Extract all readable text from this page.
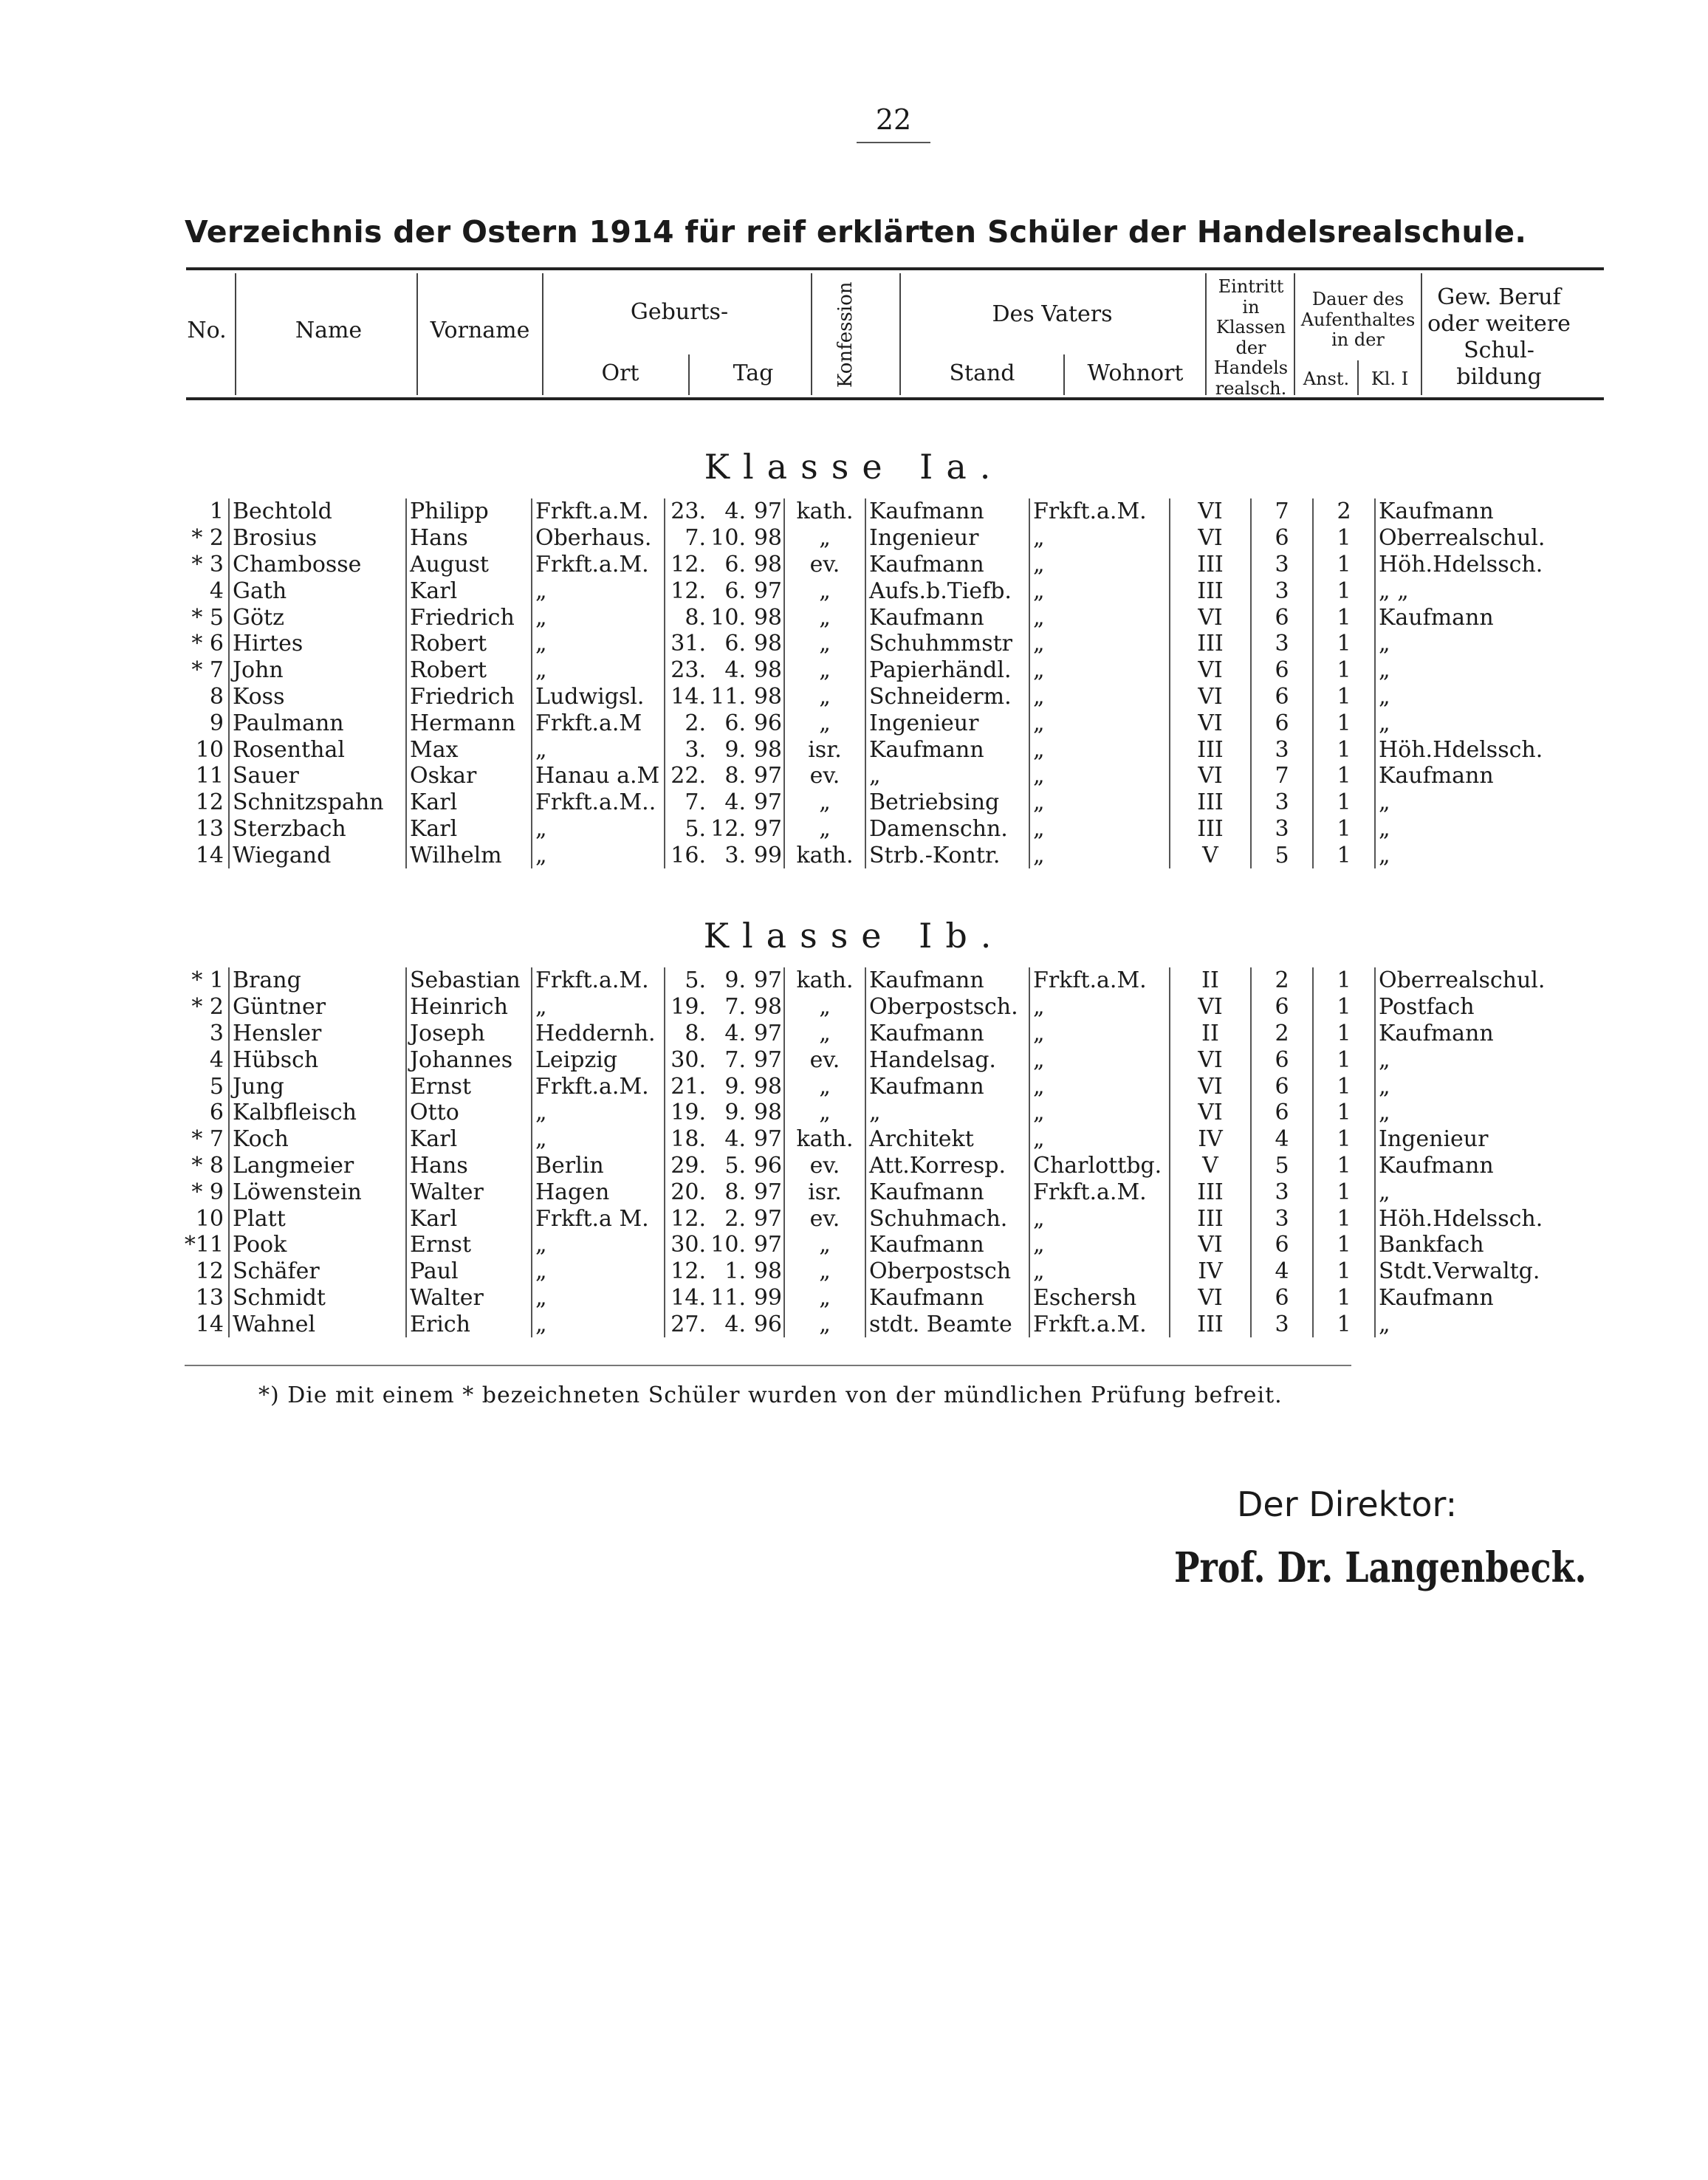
22
Verzeichnis der Ostern 1914 für reif erklärten Schüler der Handelsrealschule.
No.	Name	Vorname
Geburts-
Ort	Tag	Konfession	Des Vaters
Stand	Wohnort
Eintritt in Klassen der Handels realsch.
Dauer des Aufenthaltes in der
Anst.	Kl. I
Gew. Beruf oder weitere Schul- bildung
Klasse Ia.
1	Bechtold	Philipp	Frkft.a.M.	23.	4.	97	kath.	Kaufmann	Frkft.a.M.	VI	7	2	Kaufmann
* 2	Brosius	Hans	Oberhaus.	7.	10.	98	„	Ingenieur	„	VI	6	1	Oberrealschul.
* 3	Chambosse	August	Frkft.a.M.	12.	6.	98	ev.	Kaufmann	„	III	3	1	Höh.Hdelssch.
4	Gath	Karl	„	12.	6.	97	„	Aufs.b.Tiefb.	„	III	3	1	„ „
* 5	Götz	Friedrich	„	8.	10.	98	„	Kaufmann	„	VI	6	1	Kaufmann
* 6	Hirtes	Robert	„	31.	6.	98	„	Schuhmmstr	„	III	3	1	„
* 7	John	Robert	„	23.	4.	98	„	Papierhändl.	„	VI	6	1	„
8	Koss	Friedrich	Ludwigsl.	14.	11.	98	„	Schneiderm.	„	VI	6	1	„
9	Paulmann	Hermann	Frkft.a.M	2.	6.	96	„	Ingenieur	„	VI	6	1	„
10	Rosenthal	Max	„	3.	9.	98	isr.	Kaufmann	„	III	3	1	Höh.Hdelssch.
11	Sauer	Oskar	Hanau a.M	22.	8.	97	ev.	„	„	VI	7	1	Kaufmann
12	Schnitzspahn	Karl	Frkft.a.M..	7.	4.	97	„	Betriebsing	„	III	3	1	„
13	Sterzbach	Karl	„	5.	12.	97	„	Damenschn.	„	III	3	1	„
14	Wiegand	Wilhelm	„	16.	3.	99	kath.	Strb.-Kontr.	„	V	5	1	„
Klasse Ib.
* 1	Brang	Sebastian	Frkft.a.M.	5.	9.	97	kath.	Kaufmann	Frkft.a.M.	II	2	1	Oberrealschul.
* 2	Güntner	Heinrich	„	19.	7.	98	„	Oberpostsch.	„	VI	6	1	Postfach
3	Hensler	Joseph	Heddernh.	8.	4.	97	„	Kaufmann	„	II	2	1	Kaufmann
4	Hübsch	Johannes	Leipzig	30.	7.	97	ev.	Handelsag.	„	VI	6	1	„
5	Jung	Ernst	Frkft.a.M.	21.	9.	98	„	Kaufmann	„	VI	6	1	„
6	Kalbfleisch	Otto	„	19.	9.	98	„	„	„	VI	6	1	„
* 7	Koch	Karl	„	18.	4.	97	kath.	Architekt	„	IV	4	1	Ingenieur
* 8	Langmeier	Hans	Berlin	29.	5.	96	ev.	Att.Korresp.	Charlottbg.	V	5	1	Kaufmann
* 9	Löwenstein	Walter	Hagen	20.	8.	97	isr.	Kaufmann	Frkft.a.M.	III	3	1	„
10	Platt	Karl	Frkft.a M.	12.	2.	97	ev.	Schuhmach.	„	III	3	1	Höh.Hdelssch.
*11	Pook	Ernst	„	30.	10.	97	„	Kaufmann	„	VI	6	1	Bankfach
12	Schäfer	Paul	„	12.	1.	98	„	Oberpostsch	„	IV	4	1	Stdt.Verwaltg.
13	Schmidt	Walter	„	14.	11.	99	„	Kaufmann	Eschersh	VI	6	1	Kaufmann
14	Wahnel	Erich	„	27.	4.	96	„	stdt. Beamte	Frkft.a.M.	III	3	1	„
*) Die mit einem * bezeichneten Schüler wurden von der mündlichen Prüfung befreit.
Der Direktor:
Prof. Dr. Langenbeck.
